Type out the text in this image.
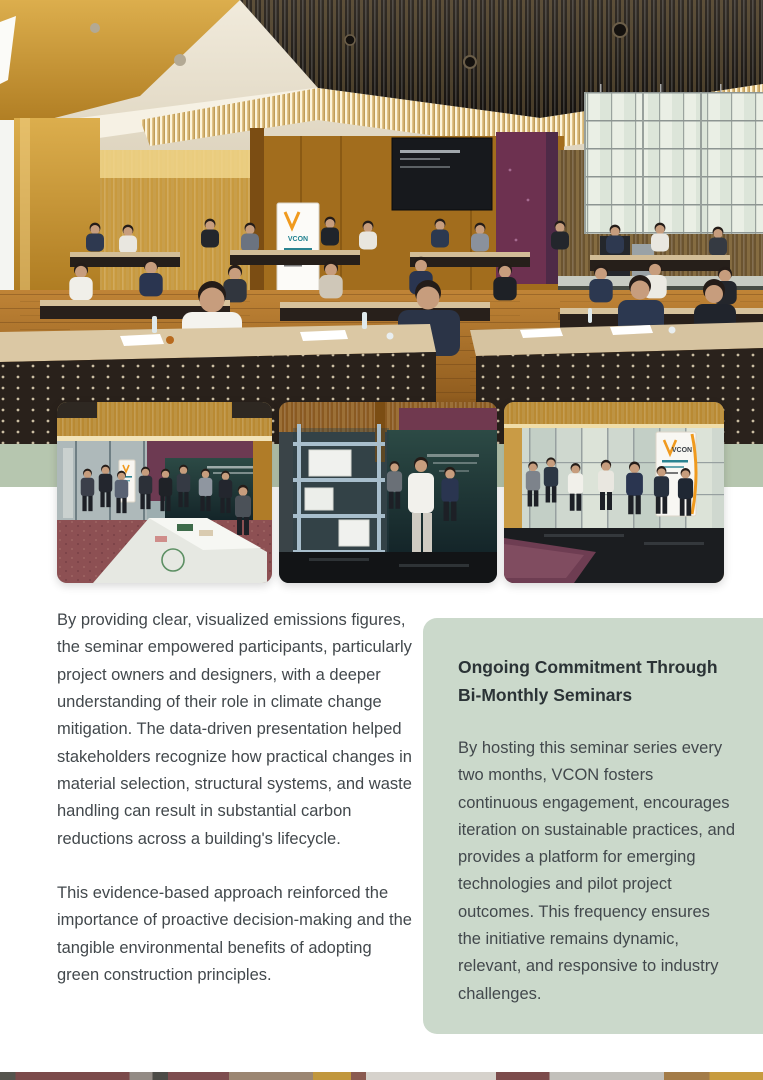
VCON
VCON

By providing clear, visualized emissions figures, the seminar empowered participants, particularly project owners and designers, with a deeper understanding of their role in climate change mitigation. The data-driven presentation helped stakeholders recognize how practical changes in material selection, structural systems, and waste handling can result in substantial carbon reductions across a building's lifecycle.

This evidence-based approach reinforced the importance of proactive decision-making and the tangible environmental benefits of adopting green construction principles.

Ongoing Commitment Through Bi-Monthly Seminars

By hosting this seminar series every two months, VCON fosters continuous engagement, encourages iteration on sustainable practices, and provides a platform for emerging technologies and pilot project outcomes. This frequency ensures the initiative remains dynamic, relevant, and responsive to industry challenges.
